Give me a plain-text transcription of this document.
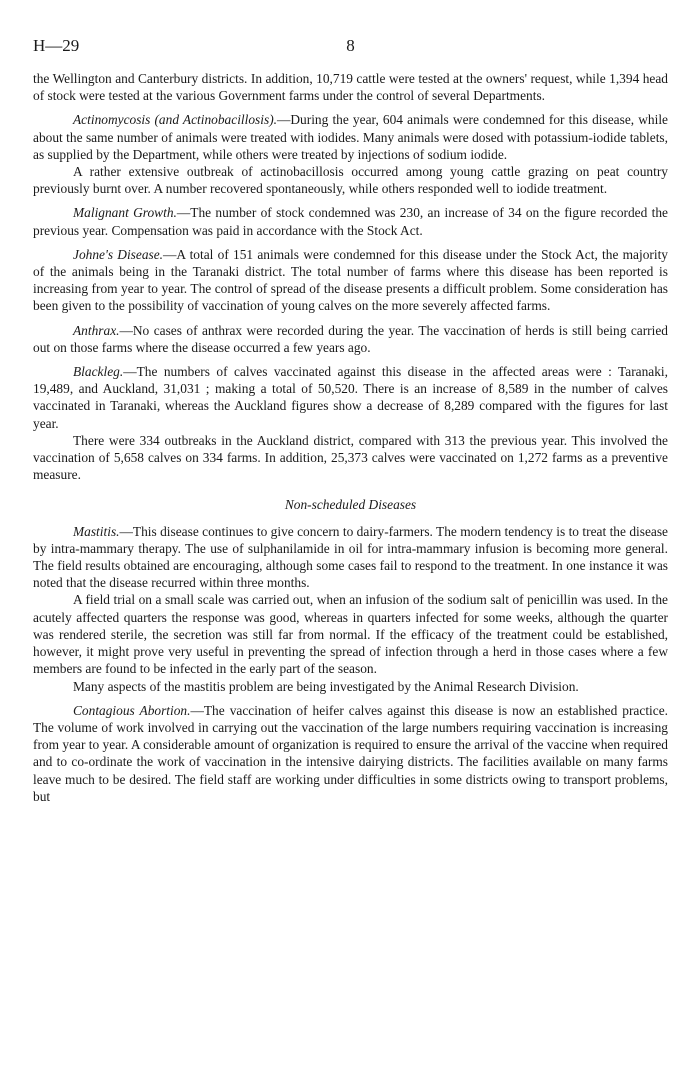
H—29	8

the Wellington and Canterbury districts. In addition, 10,719 cattle were tested at the owners' request, while 1,394 head of stock were tested at the various Government farms under the control of several Departments.

Actinomycosis (and Actinobacillosis).—During the year, 604 animals were condemned for this disease, while about the same number of animals were treated with iodides. Many animals were dosed with potassium-iodide tablets, as supplied by the Department, while others were treated by injections of sodium iodide.

A rather extensive outbreak of actinobacillosis occurred among young cattle grazing on peat country previously burnt over. A number recovered spontaneously, while others responded well to iodide treatment.

Malignant Growth.—The number of stock condemned was 230, an increase of 34 on the figure recorded the previous year. Compensation was paid in accordance with the Stock Act.

Johne's Disease.—A total of 151 animals were condemned for this disease under the Stock Act, the majority of the animals being in the Taranaki district. The total number of farms where this disease has been reported is increasing from year to year. The control of spread of the disease presents a difficult problem. Some consideration has been given to the possibility of vaccination of young calves on the more severely affected farms.

Anthrax.—No cases of anthrax were recorded during the year. The vaccination of herds is still being carried out on those farms where the disease occurred a few years ago.

Blackleg.—The numbers of calves vaccinated against this disease in the affected areas were : Taranaki, 19,489, and Auckland, 31,031 ; making a total of 50,520. There is an increase of 8,589 in the number of calves vaccinated in Taranaki, whereas the Auckland figures show a decrease of 8,289 compared with the figures for last year.

There were 334 outbreaks in the Auckland district, compared with 313 the previous year. This involved the vaccination of 5,658 calves on 334 farms. In addition, 25,373 calves were vaccinated on 1,272 farms as a preventive measure.

Non-scheduled Diseases

Mastitis.—This disease continues to give concern to dairy-farmers. The modern tendency is to treat the disease by intra-mammary therapy. The use of sulphanilamide in oil for intra-mammary infusion is becoming more general. The field results obtained are encouraging, although some cases fail to respond to the treatment. In one instance it was noted that the disease recurred within three months.

A field trial on a small scale was carried out, when an infusion of the sodium salt of penicillin was used. In the acutely affected quarters the response was good, whereas in quarters infected for some weeks, although the quarter was rendered sterile, the secretion was still far from normal. If the efficacy of the treatment could be established, however, it might prove very useful in preventing the spread of infection through a herd in those cases where a few members are found to be infected in the early part of the season.

Many aspects of the mastitis problem are being investigated by the Animal Research Division.

Contagious Abortion.—The vaccination of heifer calves against this disease is now an established practice. The volume of work involved in carrying out the vaccination of the large numbers requiring vaccination is increasing from year to year. A considerable amount of organization is required to ensure the arrival of the vaccine when required and to co-ordinate the work of vaccination in the intensive dairying districts. The facilities available on many farms leave much to be desired. The field staff are working under difficulties in some districts owing to transport problems, but
